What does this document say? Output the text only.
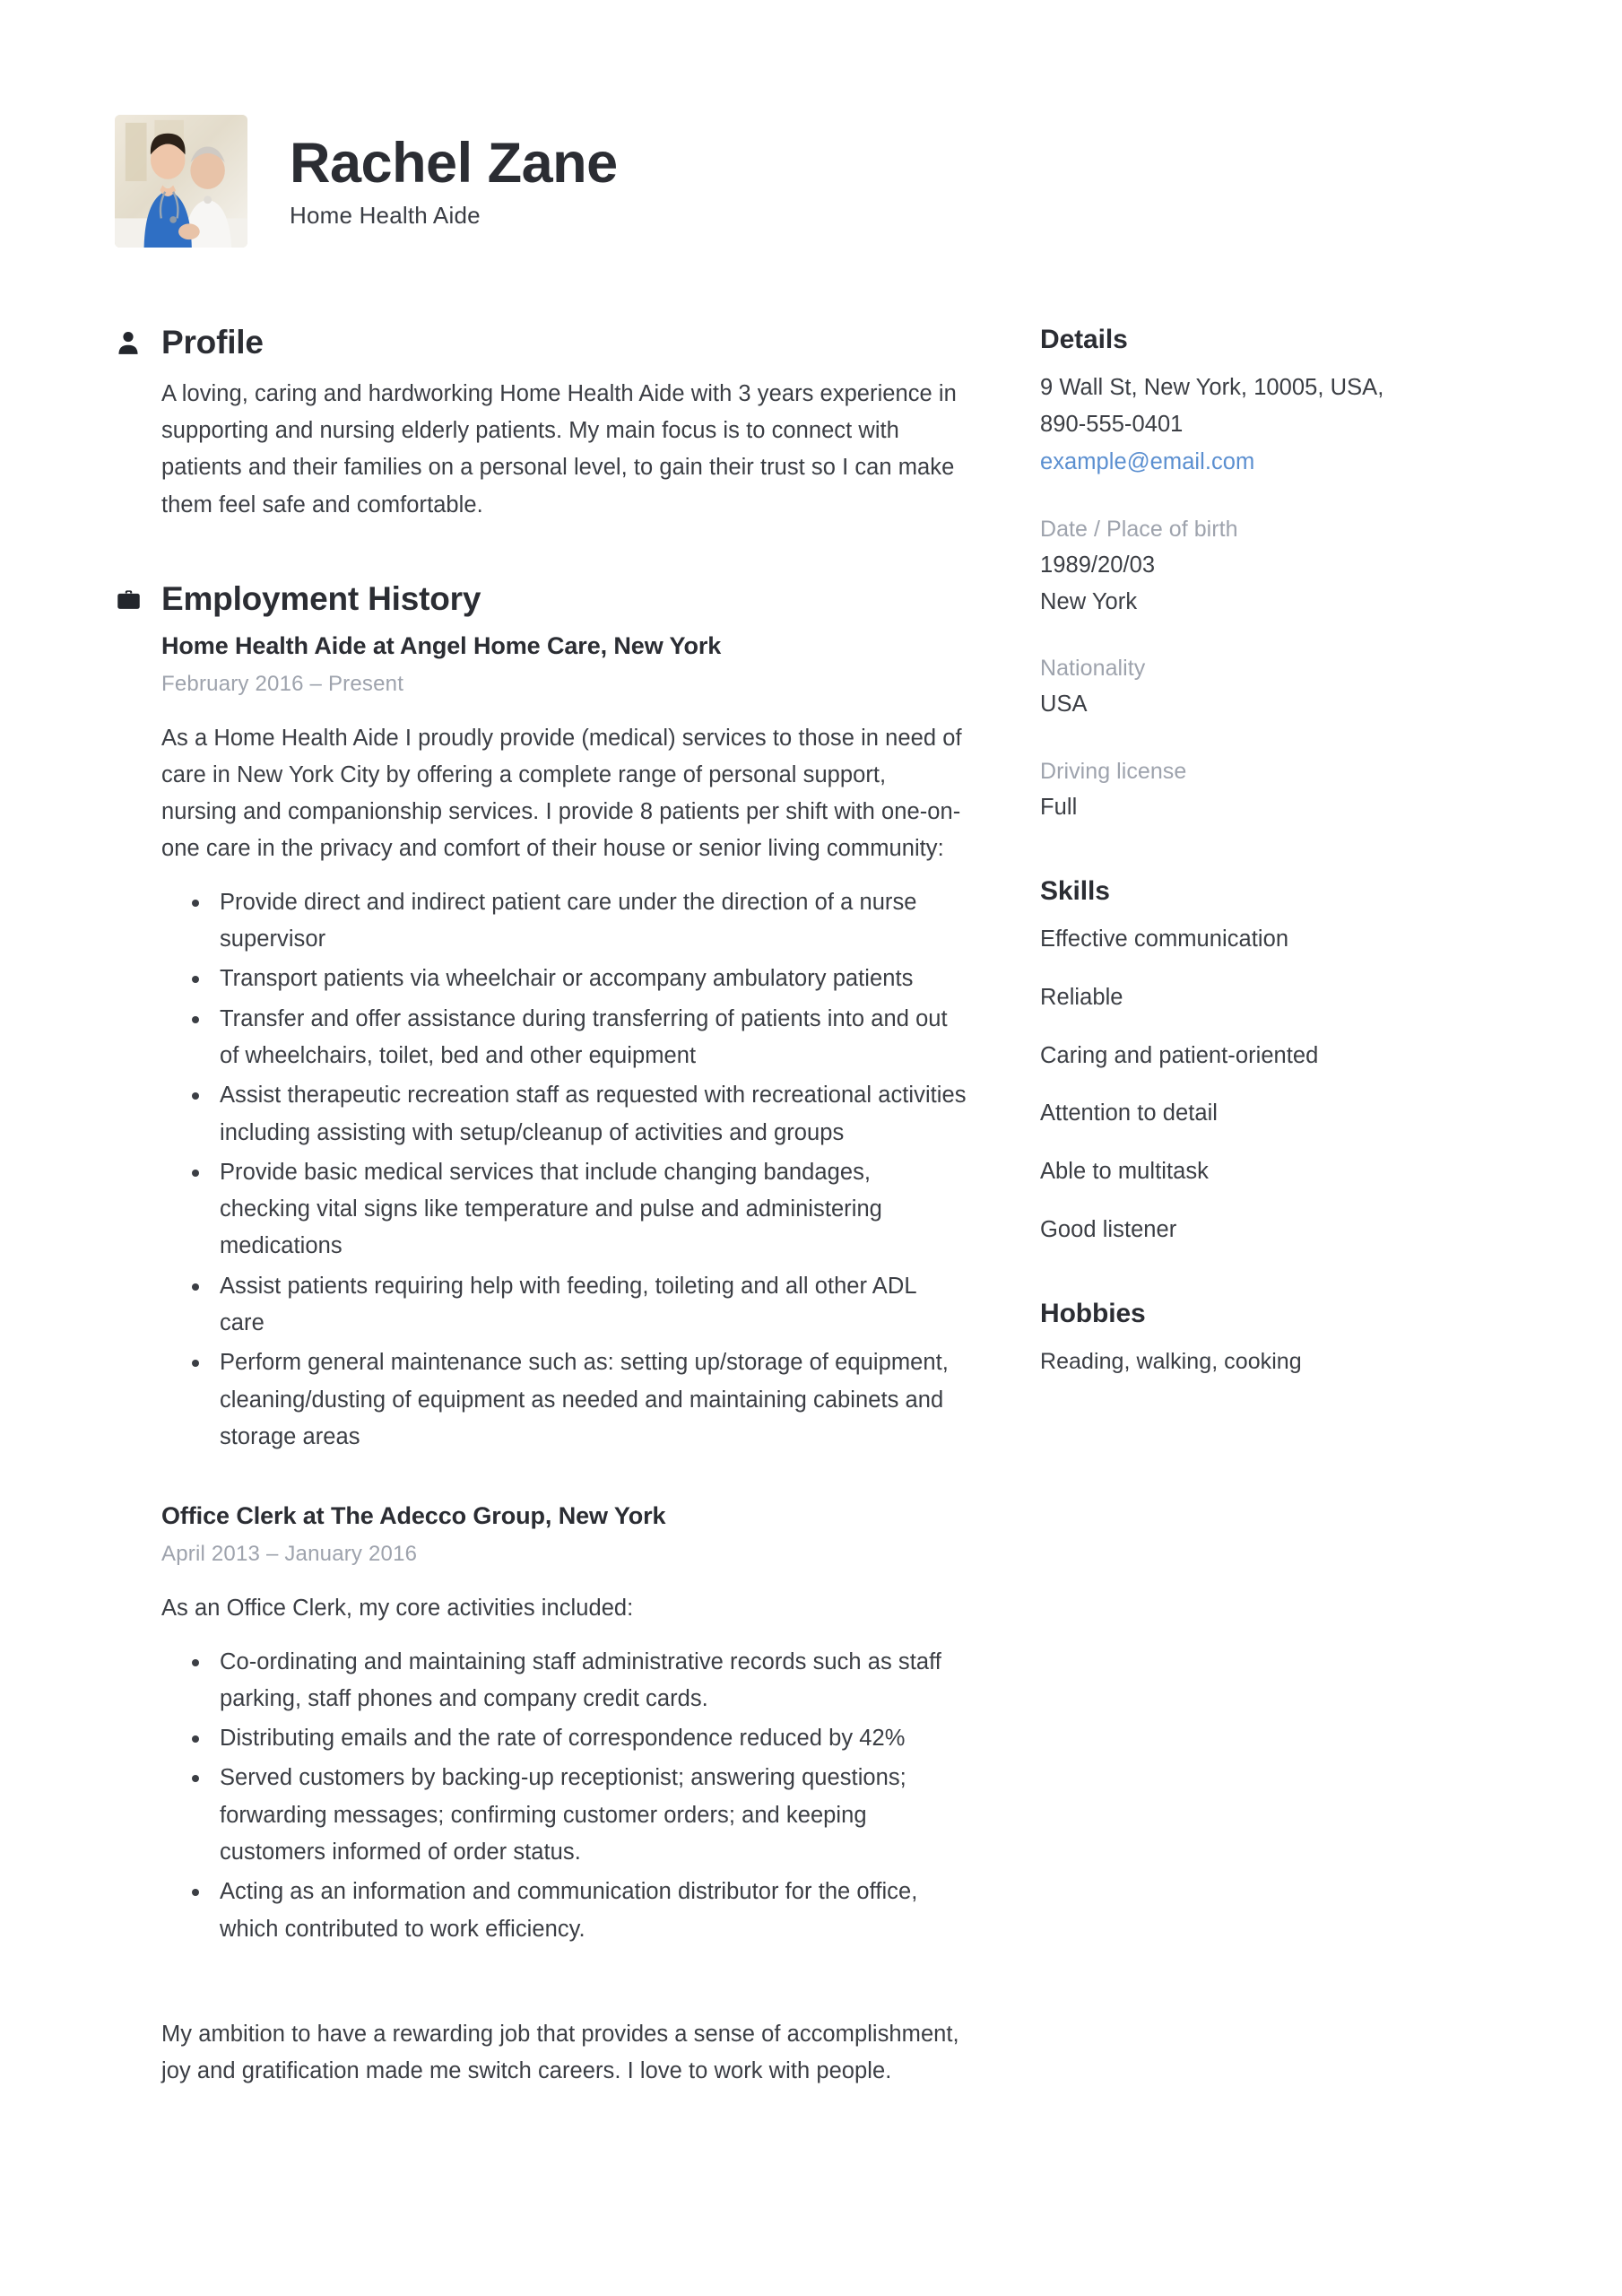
Rachel Zane
Home Health Aide
Profile

A loving, caring and hardworking Home Health Aide with 3 years experience in supporting and nursing elderly patients. My main focus is to connect with patients and their families on a personal level, to gain their trust so I can make them feel safe and comfortable.

Employment History
Home Health Aide at Angel Home Care, New York
February 2016 – Present

As a Home Health Aide I proudly provide (medical) services to those in need of care in New York City by offering a complete range of personal support, nursing and companionship services. I provide 8 patients per shift with one-on-one care in the privacy and comfort of their house or senior living community:

Provide direct and indirect patient care under the direction of a nurse supervisor
Transport patients via wheelchair or accompany ambulatory patients
Transfer and offer assistance during transferring of patients into and out of wheelchairs, toilet, bed and other equipment
Assist therapeutic recreation staff as requested with recreational activities including assisting with setup/cleanup of activities and groups
Provide basic medical services that include changing bandages, checking vital signs like temperature and pulse and administering medications
Assist patients requiring help with feeding, toileting and all other ADL care
Perform general maintenance such as: setting up/storage of equipment, cleaning/dusting of equipment as needed and maintaining cabinets and storage areas
Office Clerk at The Adecco Group, New York
April 2013 – January 2016

As an Office Clerk, my core activities included:

Co-ordinating and maintaining staff administrative records such as staff parking, staff phones and company credit cards.
Distributing emails and the rate of correspondence reduced by 42%
Served customers by backing-up receptionist; answering questions; forwarding messages; confirming customer orders; and keeping customers informed of order status.
Acting as an information and communication distributor for the office, which contributed to work efficiency.

My ambition to have a rewarding job that provides a sense of accomplishment, joy and gratification made me switch careers. I love to work with people.

Details
9 Wall St, New York, 10005, USA,
890-555-0401
example@email.com
Date / Place of birth
1989/20/03
New York
Nationality
USA
Driving license
Full
Skills
Effective communication
Reliable
Caring and patient-oriented
Attention to detail
Able to multitask
Good listener
Hobbies
Reading, walking, cooking
